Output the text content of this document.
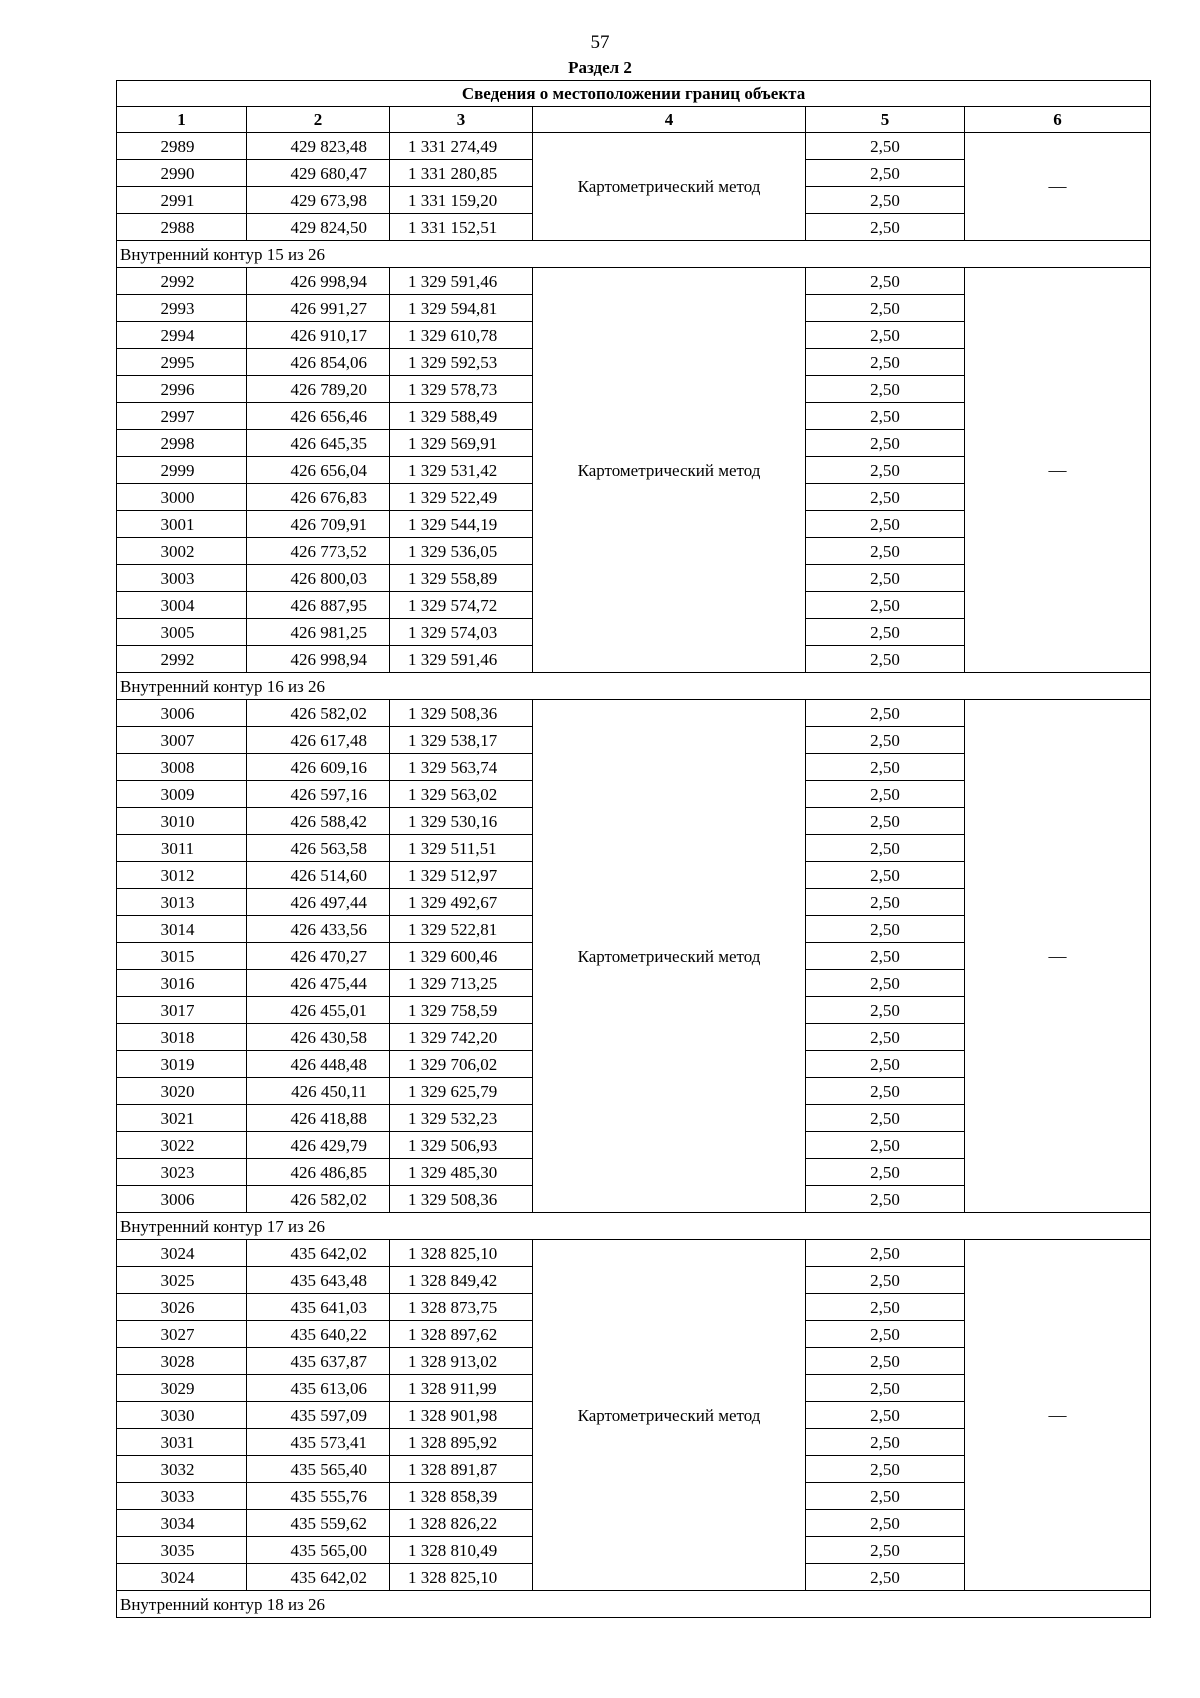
57
Раздел 2
Сведения о местоположении границ объекта					
1	2	3	4	5	6
2989	429 823,48	1 331 274,49	Картометрический метод	2,50	—
2990	429 680,47	1 331 280,85		2,50	
2991	429 673,98	1 331 159,20		2,50	
2988	429 824,50	1 331 152,51		2,50	
Внутренний контур 15 из 26					
2992	426 998,94	1 329 591,46	Картометрический метод	2,50	—
2993	426 991,27	1 329 594,81		2,50	
2994	426 910,17	1 329 610,78		2,50	
2995	426 854,06	1 329 592,53		2,50	
2996	426 789,20	1 329 578,73		2,50	
2997	426 656,46	1 329 588,49		2,50	
2998	426 645,35	1 329 569,91		2,50	
2999	426 656,04	1 329 531,42		2,50	
3000	426 676,83	1 329 522,49		2,50	
3001	426 709,91	1 329 544,19		2,50	
3002	426 773,52	1 329 536,05		2,50	
3003	426 800,03	1 329 558,89		2,50	
3004	426 887,95	1 329 574,72		2,50	
3005	426 981,25	1 329 574,03		2,50	
2992	426 998,94	1 329 591,46		2,50	
Внутренний контур 16 из 26					
3006	426 582,02	1 329 508,36	Картометрический метод	2,50	—
3007	426 617,48	1 329 538,17		2,50	
3008	426 609,16	1 329 563,74		2,50	
3009	426 597,16	1 329 563,02		2,50	
3010	426 588,42	1 329 530,16		2,50	
3011	426 563,58	1 329 511,51		2,50	
3012	426 514,60	1 329 512,97		2,50	
3013	426 497,44	1 329 492,67		2,50	
3014	426 433,56	1 329 522,81		2,50	
3015	426 470,27	1 329 600,46		2,50	
3016	426 475,44	1 329 713,25		2,50	
3017	426 455,01	1 329 758,59		2,50	
3018	426 430,58	1 329 742,20		2,50	
3019	426 448,48	1 329 706,02		2,50	
3020	426 450,11	1 329 625,79		2,50	
3021	426 418,88	1 329 532,23		2,50	
3022	426 429,79	1 329 506,93		2,50	
3023	426 486,85	1 329 485,30		2,50	
3006	426 582,02	1 329 508,36		2,50	
Внутренний контур 17 из 26					
3024	435 642,02	1 328 825,10	Картометрический метод	2,50	—
3025	435 643,48	1 328 849,42		2,50	
3026	435 641,03	1 328 873,75		2,50	
3027	435 640,22	1 328 897,62		2,50	
3028	435 637,87	1 328 913,02		2,50	
3029	435 613,06	1 328 911,99		2,50	
3030	435 597,09	1 328 901,98		2,50	
3031	435 573,41	1 328 895,92		2,50	
3032	435 565,40	1 328 891,87		2,50	
3033	435 555,76	1 328 858,39		2,50	
3034	435 559,62	1 328 826,22		2,50	
3035	435 565,00	1 328 810,49		2,50	
3024	435 642,02	1 328 825,10		2,50	
Внутренний контур 18 из 26					
